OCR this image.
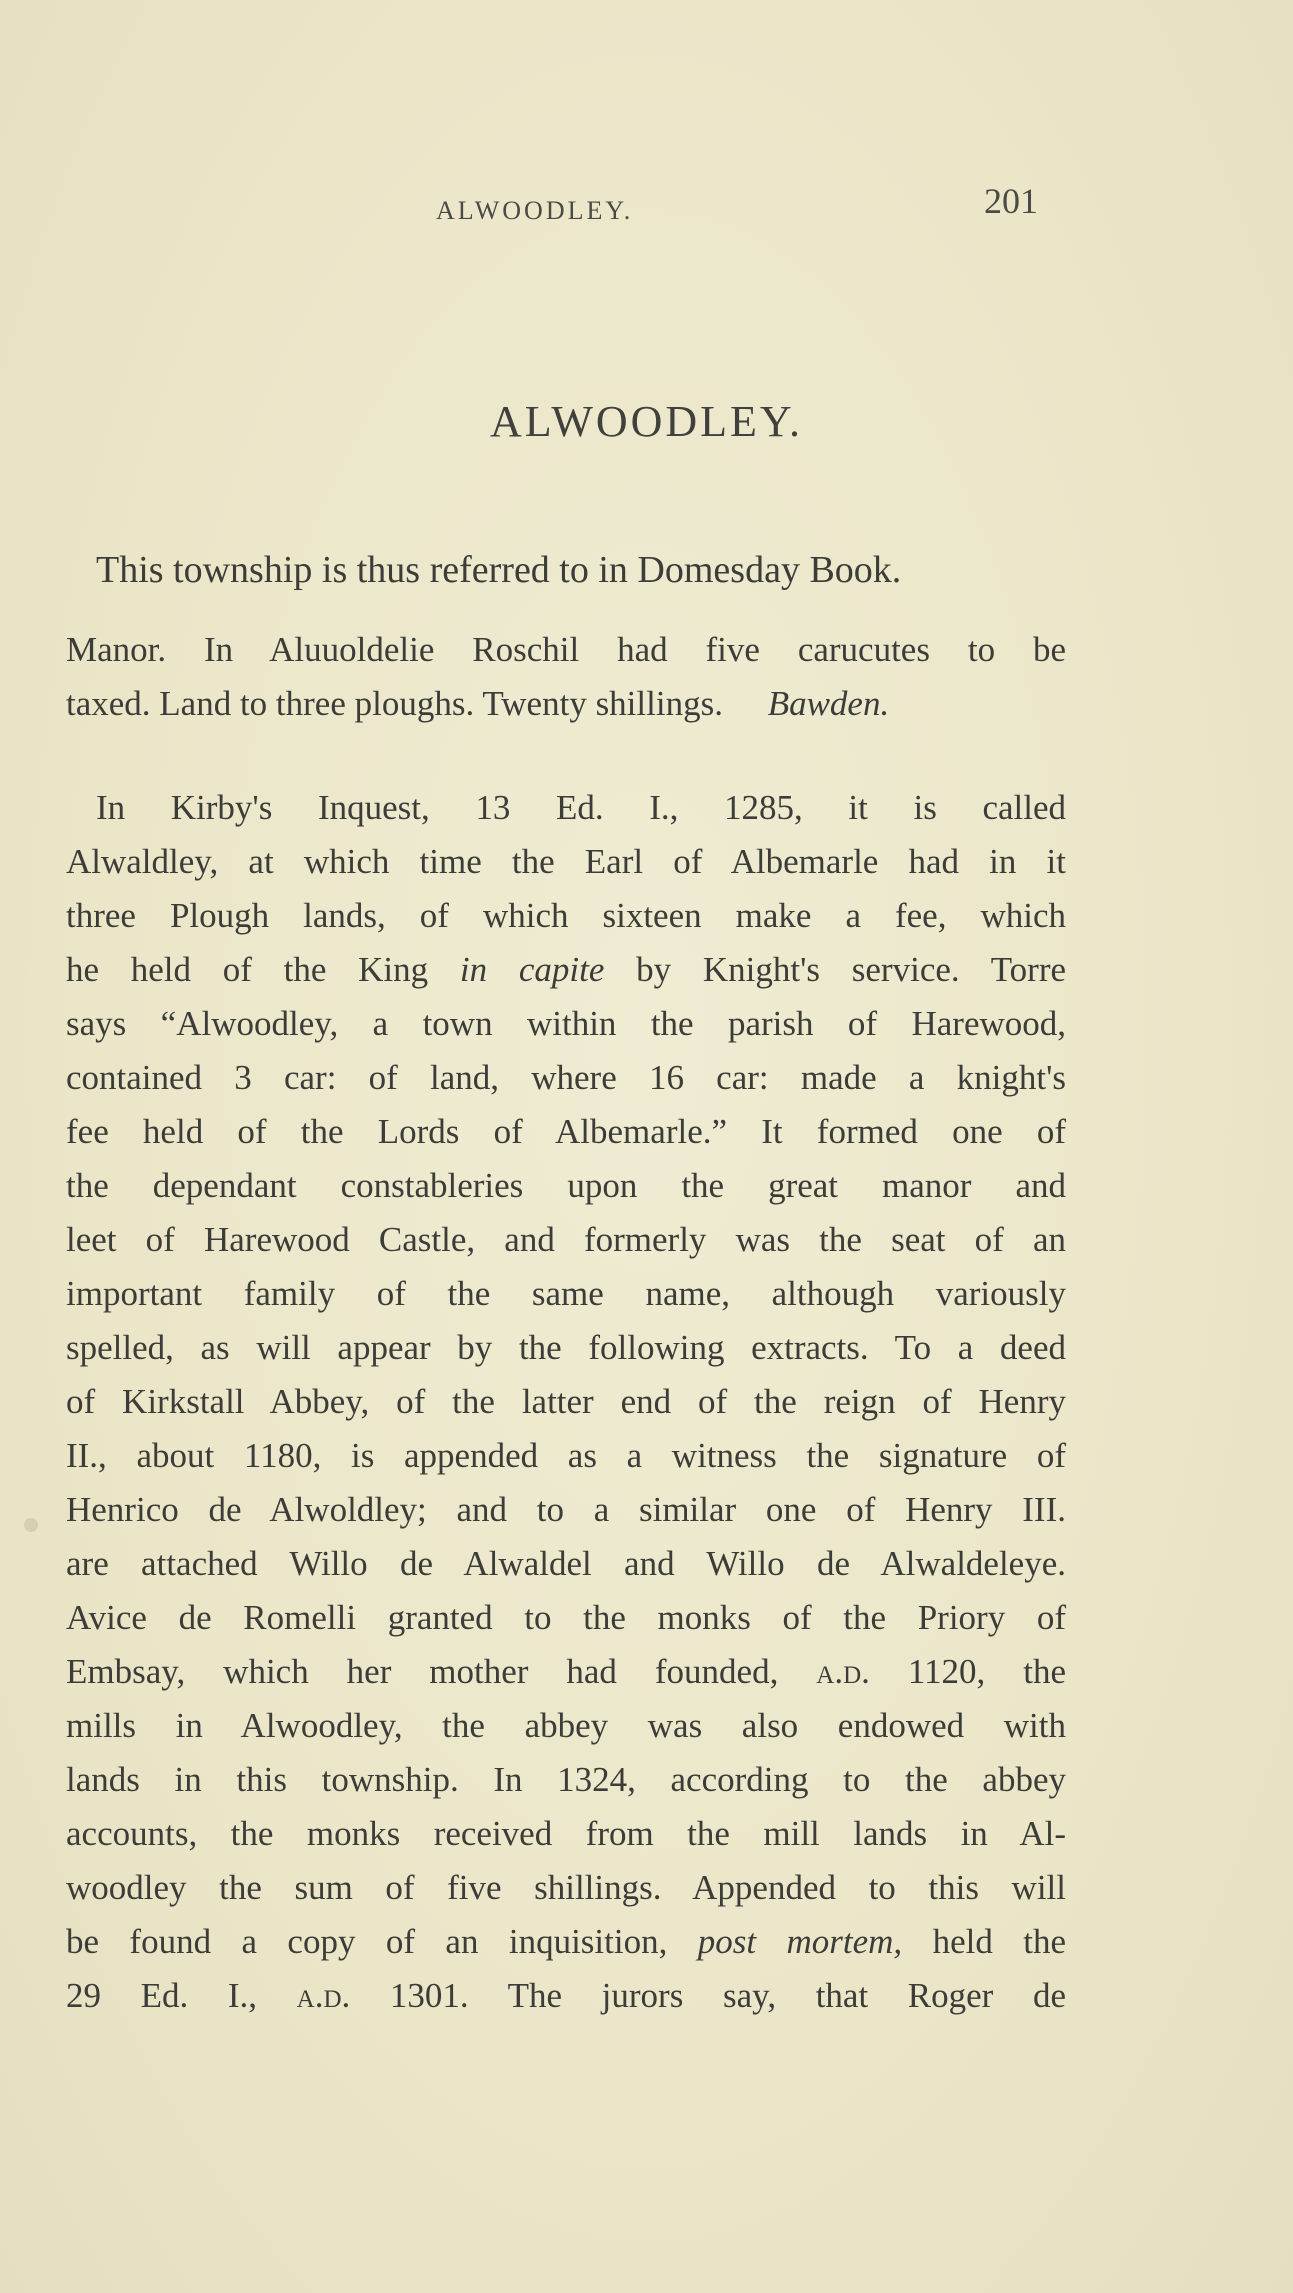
ALWOODLEY.	201
ALWOODLEY.
This township is thus referred to in Domesday Book.
Manor. In Aluuoldelie Roschil had five carucutes to be
taxed. Land to three ploughs. Twenty shillings. Bawden.
In Kirby's Inquest, 13 Ed. I., 1285, it is called
Alwaldley, at which time the Earl of Albemarle had in it
three Plough lands, of which sixteen make a fee, which
he held of the King in capite by Knight's service. Torre
says “Alwoodley, a town within the parish of Harewood,
contained 3 car: of land, where 16 car: made a knight's
fee held of the Lords of Albemarle.” It formed one of
the dependant constableries upon the great manor and
leet of Harewood Castle, and formerly was the seat of an
important family of the same name, although variously
spelled, as will appear by the following extracts. To a deed
of Kirkstall Abbey, of the latter end of the reign of Henry
II., about 1180, is appended as a witness the signature of
Henrico de Alwoldley; and to a similar one of Henry III.
are attached Willo de Alwaldel and Willo de Alwaldeleye.
Avice de Romelli granted to the monks of the Priory of
Embsay, which her mother had founded, a.d. 1120, the
mills in Alwoodley, the abbey was also endowed with
lands in this township. In 1324, according to the abbey
accounts, the monks received from the mill lands in Al-
woodley the sum of five shillings. Appended to this will
be found a copy of an inquisition, post mortem, held the
29 Ed. I., a.d. 1301. The jurors say, that Roger de
